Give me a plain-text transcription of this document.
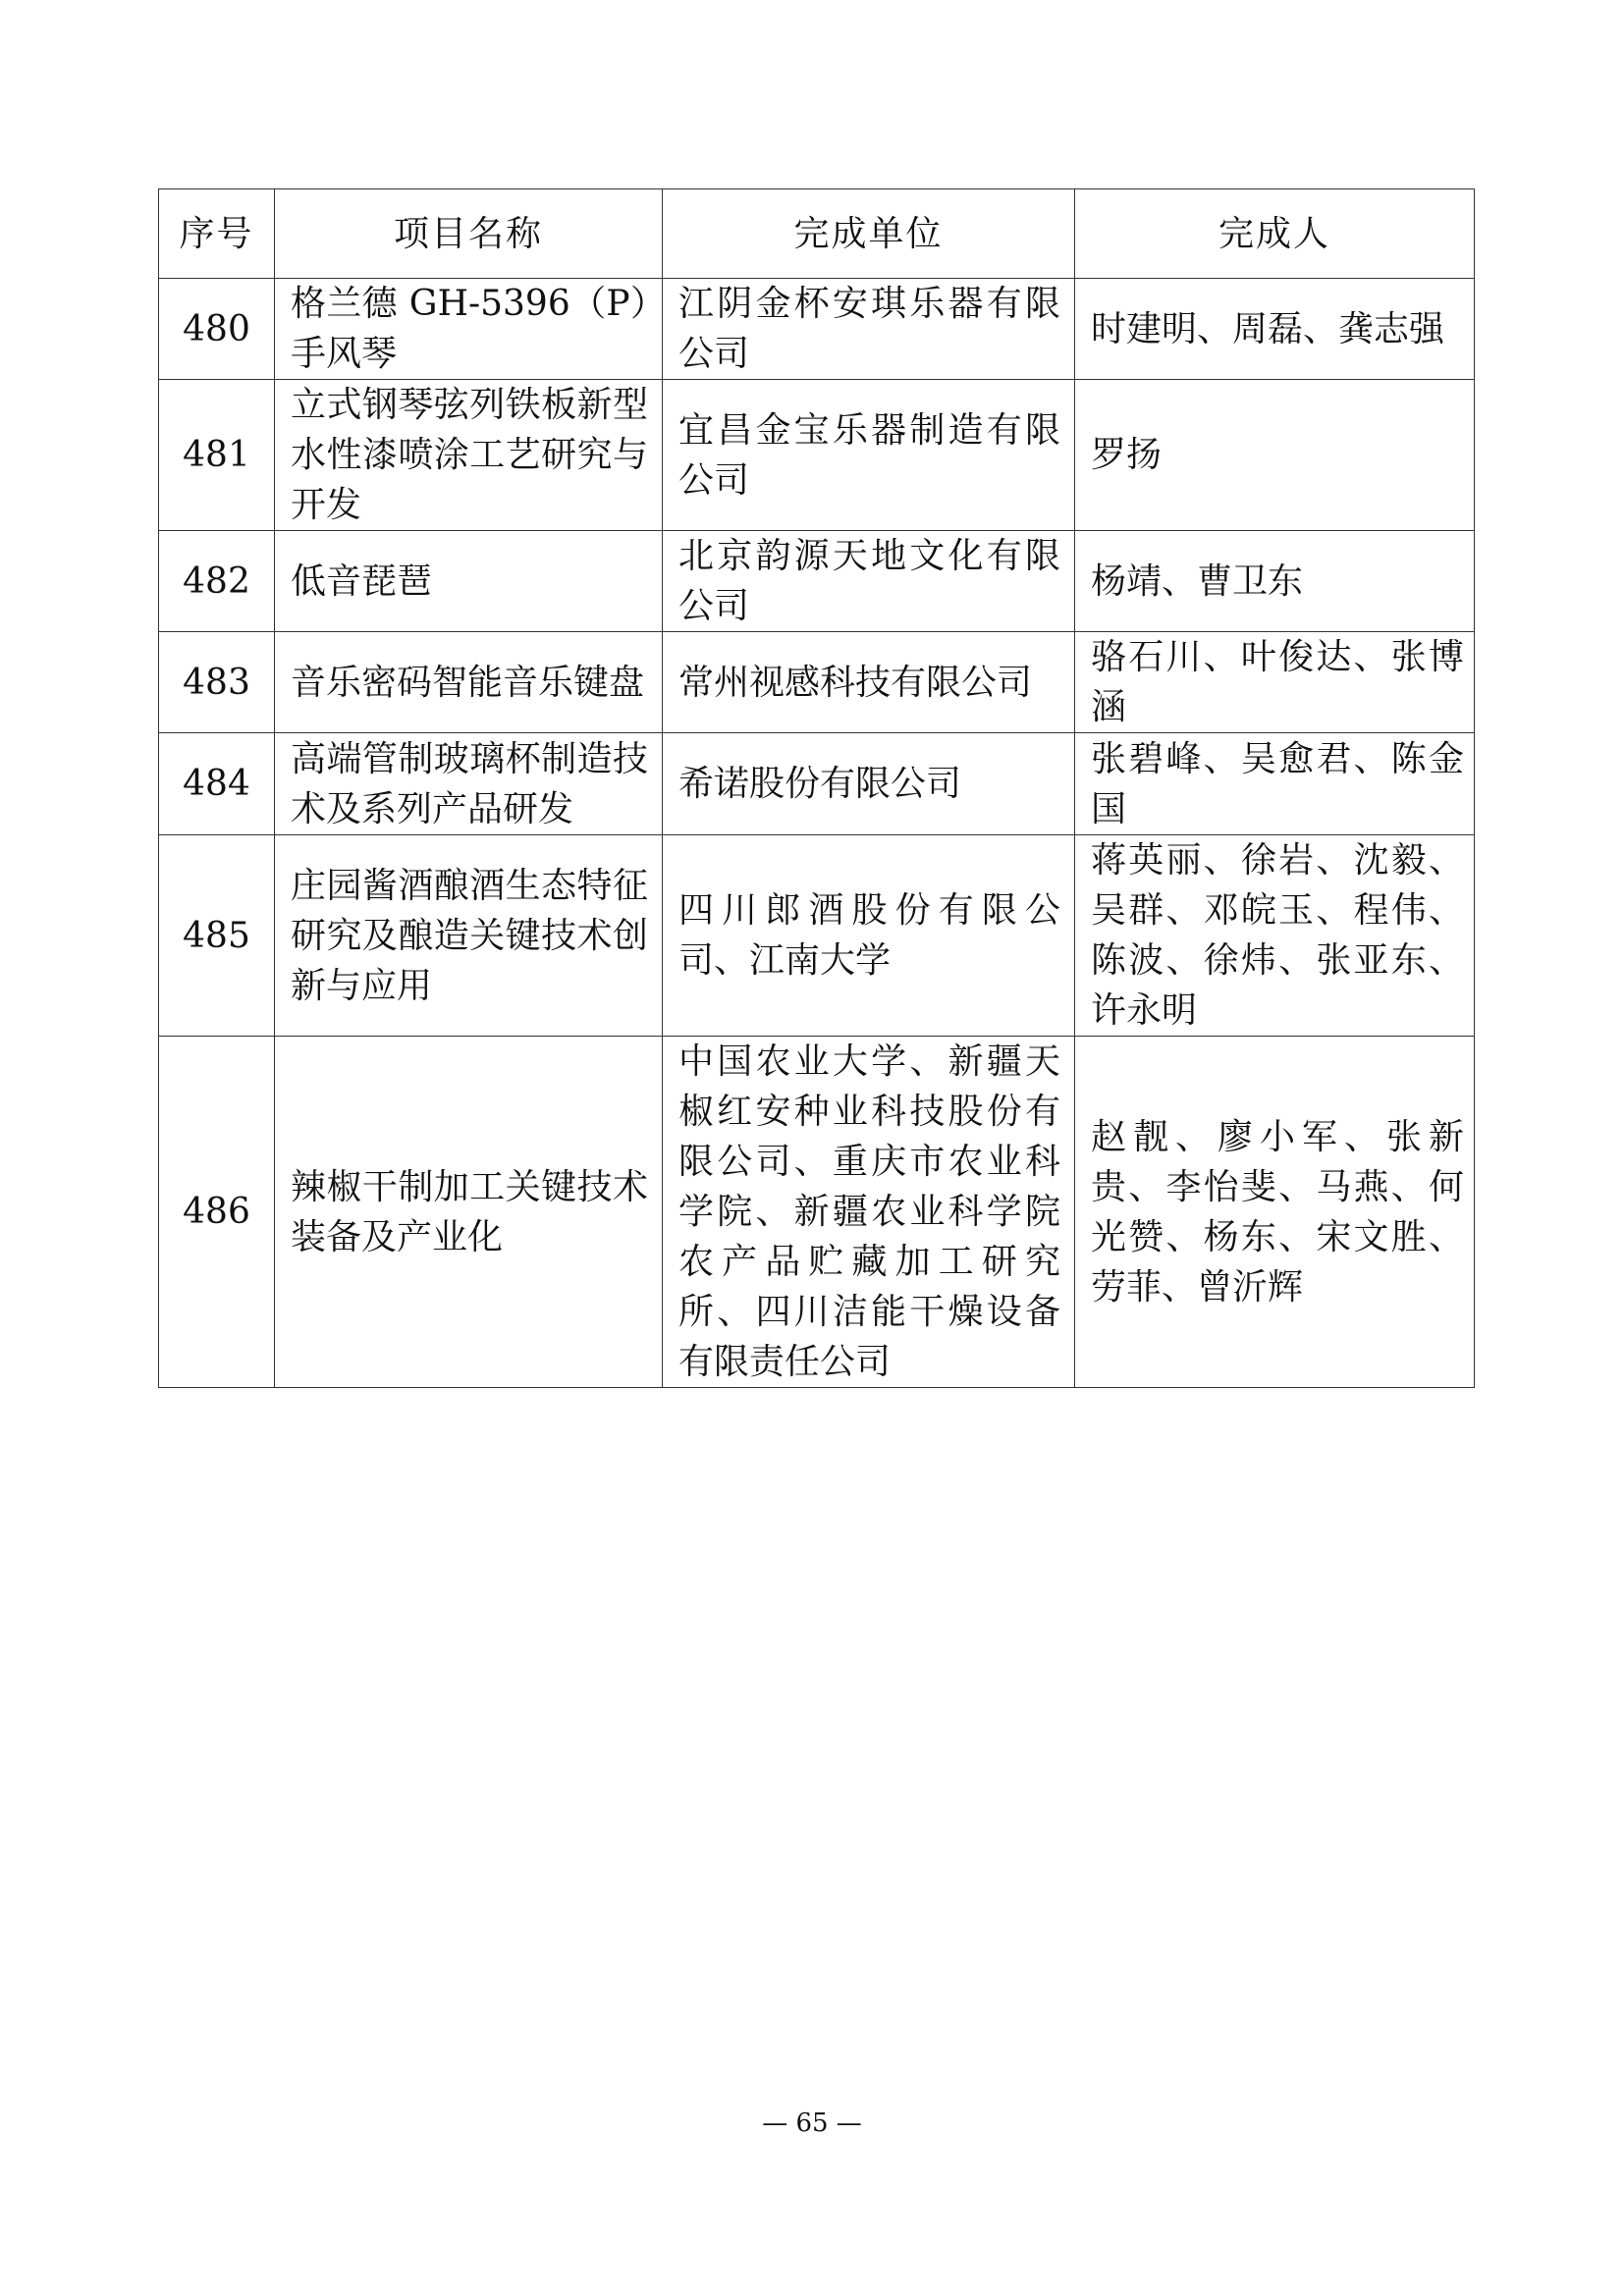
序号	项目名称	完成单位	完成人
480	格兰德 GH-5396（P）手风琴	江阴金杯安琪乐器有限公司	时建明、周磊、龚志强
481	立式钢琴弦列铁板新型水性漆喷涂工艺研究与开发	宜昌金宝乐器制造有限公司	罗扬
482	低音琵琶	北京韵源天地文化有限公司	杨靖、曹卫东
483	音乐密码智能音乐键盘	常州视感科技有限公司	骆石川、叶俊达、张博涵
484	高端管制玻璃杯制造技术及系列产品研发	希诺股份有限公司	张碧峰、吴愈君、陈金国
485	庄园酱酒酿酒生态特征研究及酿造关键技术创新与应用	四川郎酒股份有限公司、江南大学	蒋英丽、徐岩、沈毅、吴群、邓皖玉、程伟、陈波、徐炜、张亚东、许永明
486	辣椒干制加工关键技术装备及产业化	中国农业大学、新疆天椒红安种业科技股份有限公司、重庆市农业科学院、新疆农业科学院农产品贮藏加工研究所、四川洁能干燥设备有限责任公司	赵靓、廖小军、张新贵、李怡斐、马燕、何光赞、杨东、宋文胜、劳菲、曾沂辉
— 65 —
